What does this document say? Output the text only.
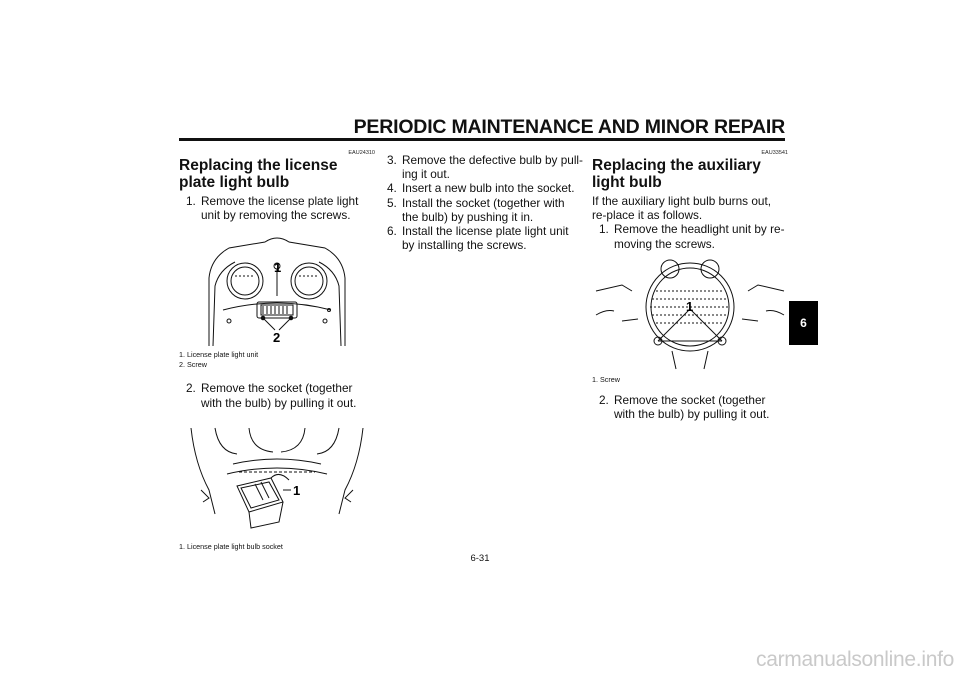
PERIODIC MAINTENANCE AND MINOR REPAIR
EAU24310
Replacing the license plate light bulb
1. Remove the license plate light unit by removing the screws.
1
2
1. License plate light unit
2. Screw
2. Remove the socket (together with the bulb) by pulling it out.
1
1. License plate light bulb socket
3. Remove the defective bulb by pull-ing it out.
4. Insert a new bulb into the socket.
5. Install the socket (together with the bulb) by pushing it in.
6. Install the license plate light unit by installing the screws.
EAU33541
Replacing the auxiliary light bulb
If the auxiliary light bulb burns out, re-place it as follows.
1. Remove the headlight unit by re-moving the screws.
1
1. Screw
2. Remove the socket (together with the bulb) by pulling it out.
6
6-31
carmanualsonline.info
